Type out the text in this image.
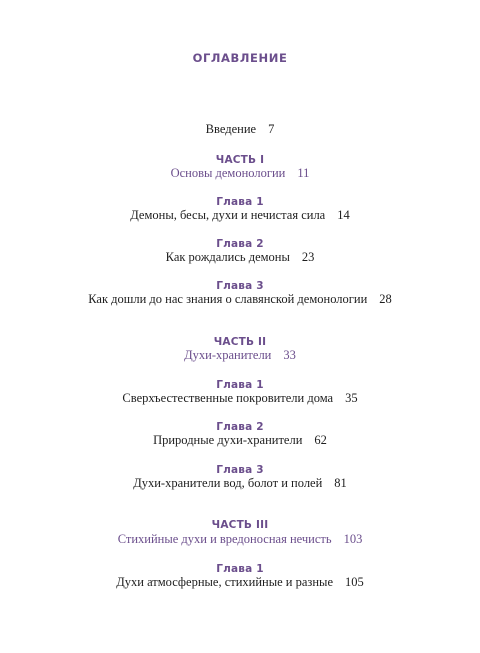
ОГЛАВЛЕНИЕ
Введение 7
ЧАСТЬ I
Основы демонологии 11
Глава 1
Демоны, бесы, духи и нечистая сила 14
Глава 2
Как рождались демоны 23
Глава 3
Как дошли до нас знания о славянской демонологии 28
ЧАСТЬ II
Духи-хранители 33
Глава 1
Сверхъестественные покровители дома 35
Глава 2
Природные духи-хранители 62
Глава 3
Духи-хранители вод, болот и полей 81
ЧАСТЬ III
Стихийные духи и вредоносная нечисть 103
Глава 1
Духи атмосферные, стихийные и разные 105
